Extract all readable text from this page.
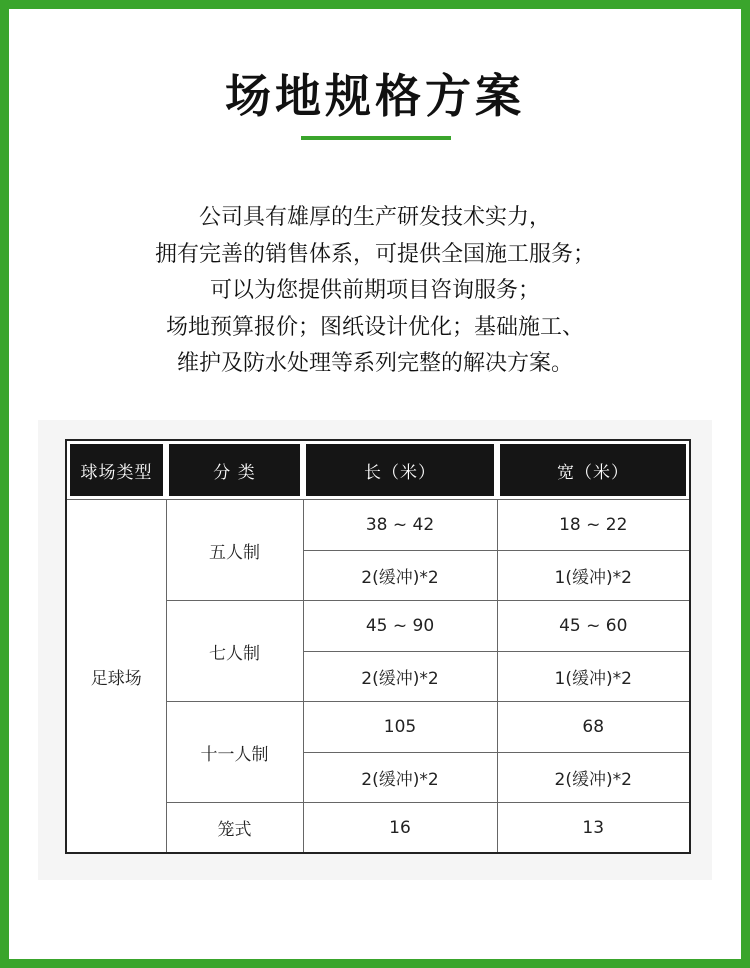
场地规格方案
公司具有雄厚的生产研发技术实力，
拥有完善的销售体系，可提供全国施工服务；
可以为您提供前期项目咨询服务；
场地预算报价；图纸设计优化；基础施工、
维护及防水处理等系列完整的解决方案。
球场类型	分 类	长（米）	宽（米）

足球场	五人制	38 ~ 42	18 ~ 22
		2(缓冲)*2	1(缓冲)*2
	七人制	45 ~ 90	45 ~ 60
		2(缓冲)*2	1(缓冲)*2
	十一人制	105	68
		2(缓冲)*2	2(缓冲)*2
	笼式	16	13
